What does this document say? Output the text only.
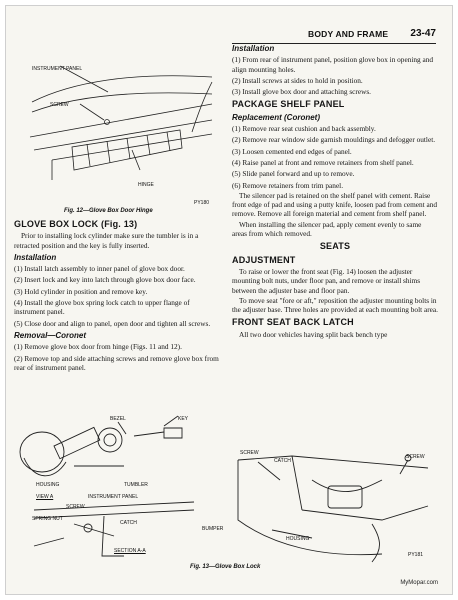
BODY AND FRAME 23-47
INSTRUMENT PANEL
SCREW
HINGE
PY180
Fig. 12—Glove Box Door Hinge
GLOVE BOX LOCK (Fig. 13)

Prior to installing lock cylinder make sure the tumbler is in a retracted position and the key is fully inserted.

Installation

(1) Install latch assembly to inner panel of glove box door.

(2) Insert lock and key into latch through glove box door face.

(3) Hold cylinder in position and remove key.

(4) Install the glove box spring lock catch to upper flange of instrument panel.

(5) Close door and align to panel, open door and tighten all screws.

Removal—Coronet

(1) Remove glove box door from hinge (Figs. 11 and 12).

(2) Remove top and side attaching screws and remove glove box from rear of instrument panel.

Installation

(1) From rear of instrument panel, position glove box in opening and align mounting holes.

(2) Install screws at sides to hold in position.

(3) Install glove box door and attaching screws.

PACKAGE SHELF PANEL
Replacement (Coronet)

(1) Remove rear seat cushion and back assembly.

(2) Remove rear window side garnish mouldings and defogger outlet.

(3) Loosen cemented end edges of panel.

(4) Raise panel at front and remove retainers from shelf panel.

(5) Slide panel forward and up to remove.

(6) Remove retainers from trim panel.

The silencer pad is retained on the shelf panel with cement. Raise front edge of pad and using a putty knife, loosen pad from cement and remove. Remove all foreign material and cement from shelf panel.

When installing the silencer pad, apply cement evenly to same areas from which removed.

SEATS
ADJUSTMENT

To raise or lower the front seat (Fig. 14) loosen the adjuster mounting bolt nuts, under floor pan, and remove or install shims between the adjuster base and floor pan.

To move seat "fore or aft," reposition the adjuster mounting bolts in the adjuster base. Three holes are provided at each mounting bolt area.

FRONT SEAT BACK LATCH

All two door vehicles having split back bench type

BEZEL	KEY
HOUSING	TUMBLER
VIEW A	INSTRUMENT PANEL
SCREW
SPRING NUT
CATCH
SECTION A-A
SCREW
CATCH
SCREW
BUMPER
HOUSING
PY181
Fig. 13—Glove Box Lock
MyMopar.com
